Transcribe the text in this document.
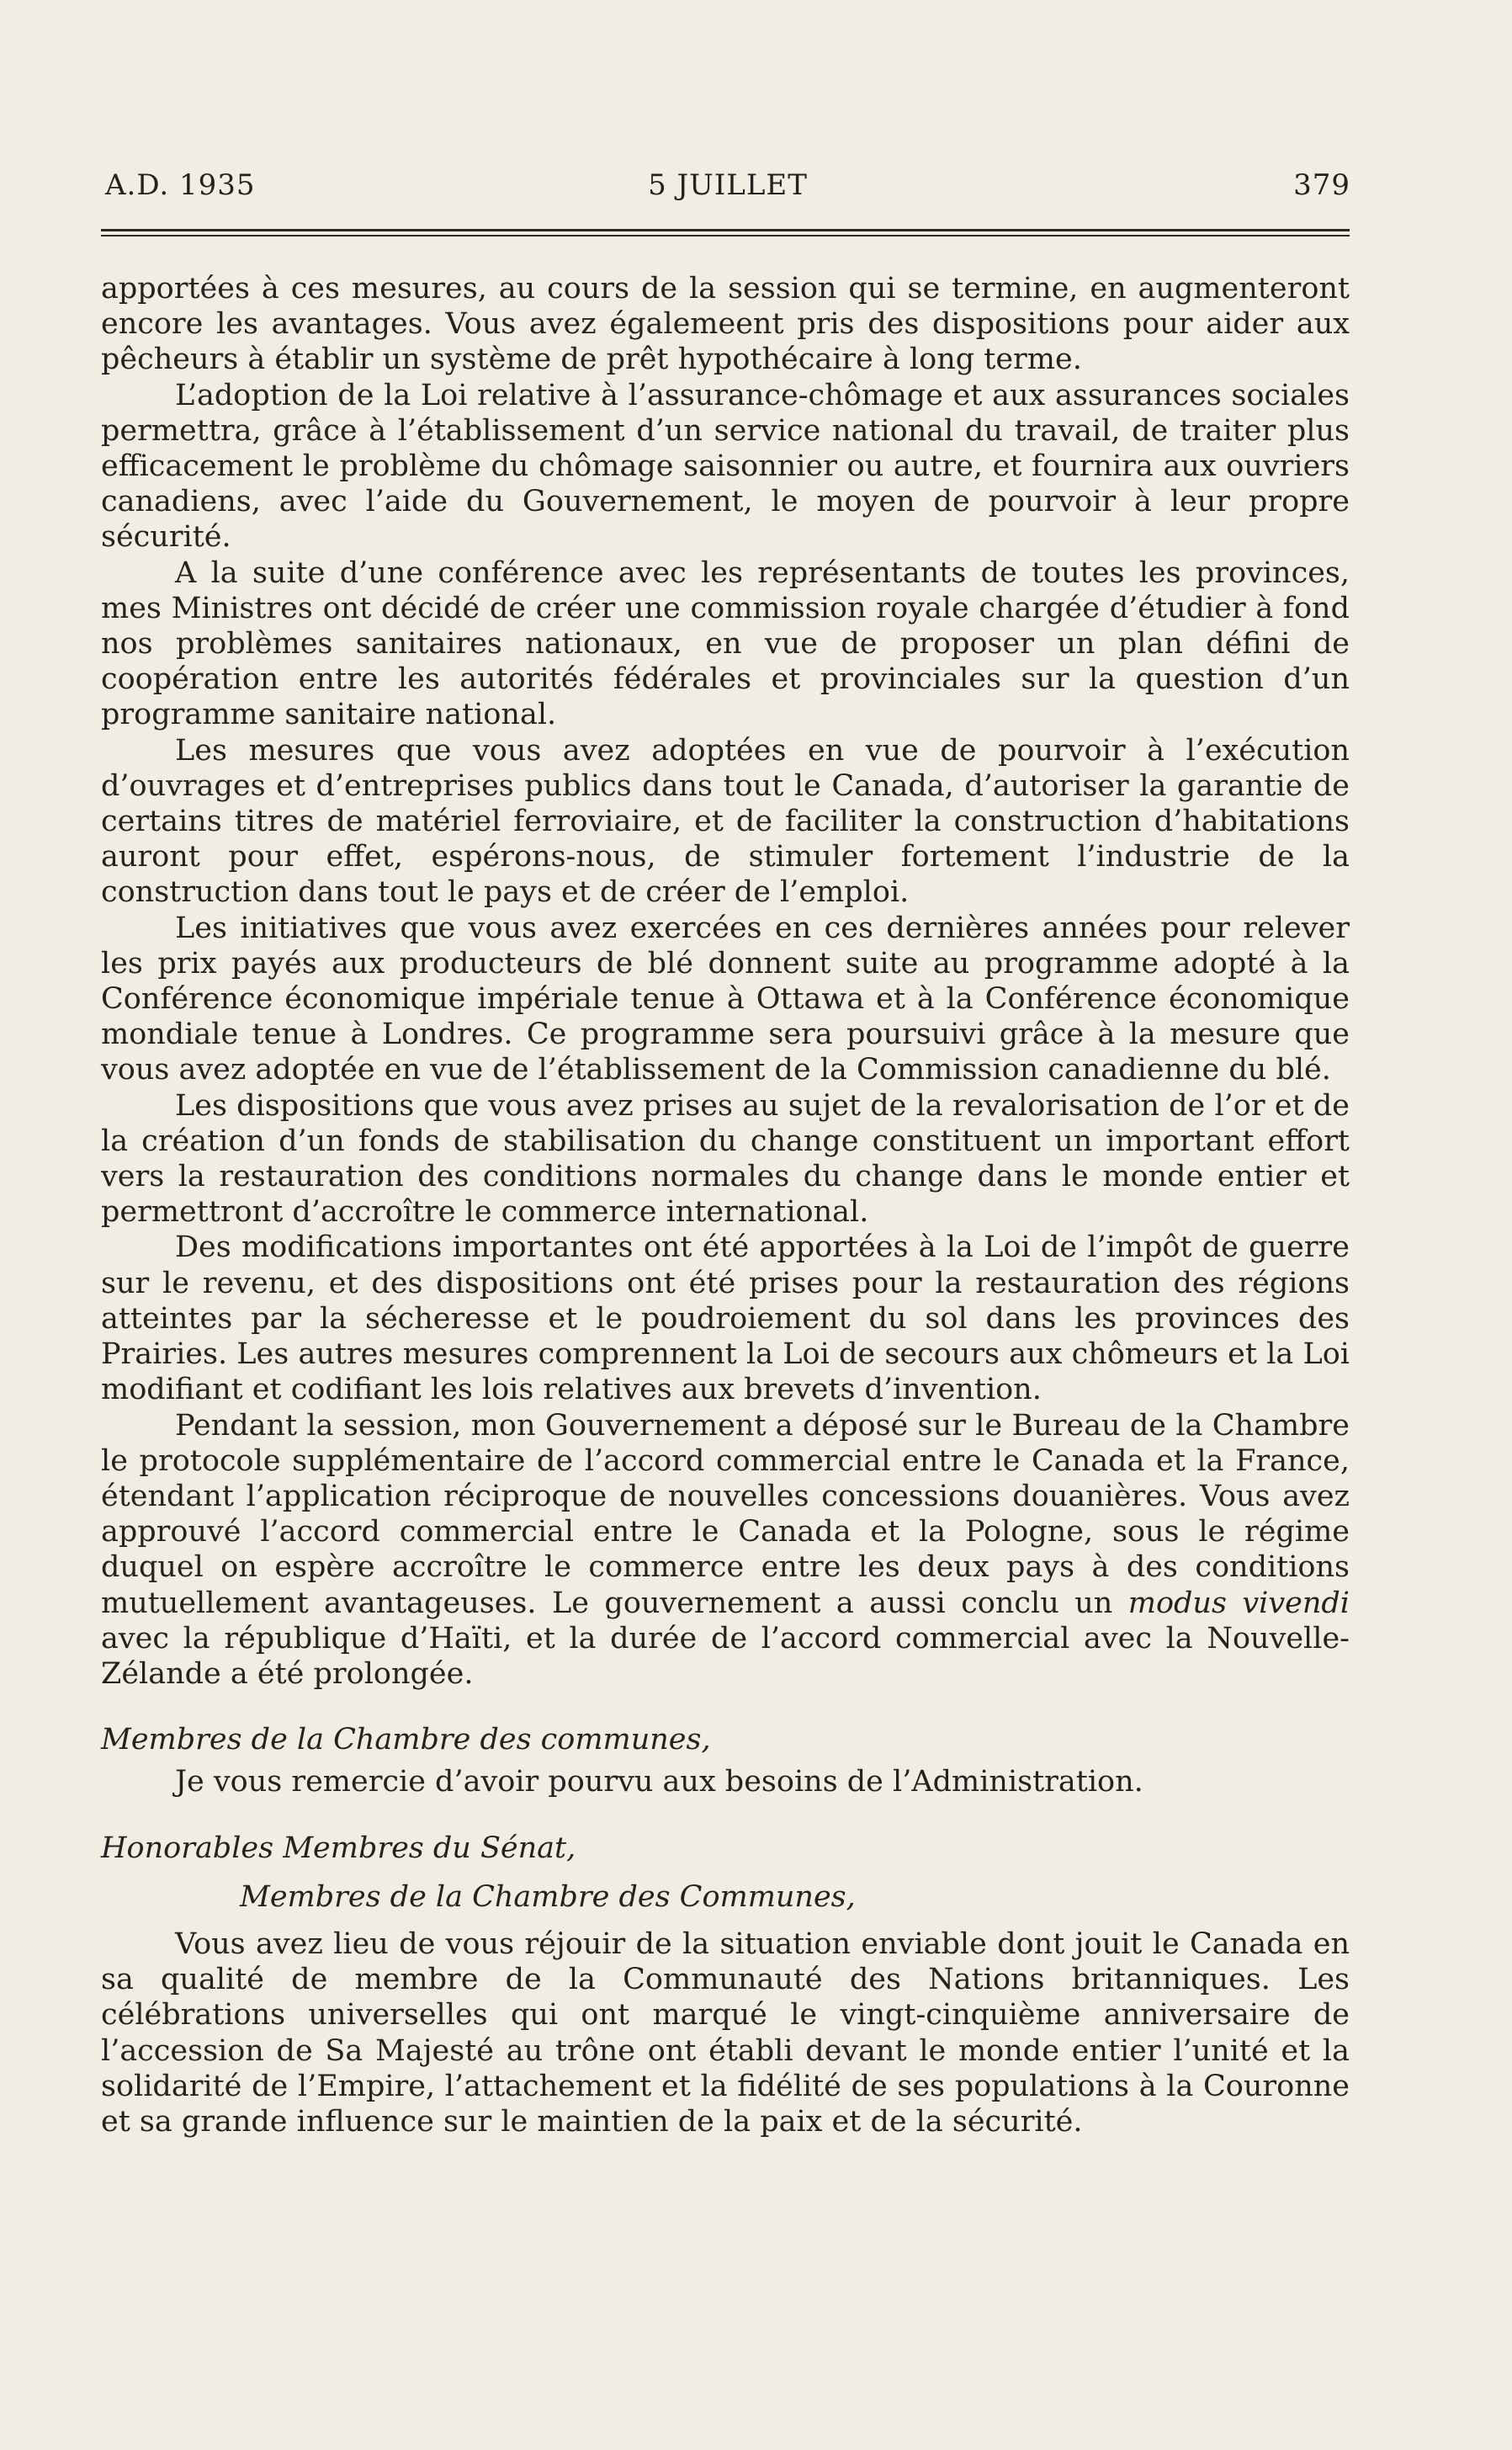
A.D. 1935	5 JUILLET	379

apportées à ces mesures, au cours de la session qui se termine, en augmenteront encore les avantages. Vous avez égalemeent pris des dispositions pour aider aux pêcheurs à établir un système de prêt hypothécaire à long terme.

L’adoption de la Loi relative à l’assurance-chômage et aux assurances sociales permettra, grâce à l’établissement d’un service national du travail, de traiter plus efficacement le problème du chômage saisonnier ou autre, et fournira aux ouvriers canadiens, avec l’aide du Gouvernement, le moyen de pourvoir à leur propre sécurité.

A la suite d’une conférence avec les représentants de toutes les provinces, mes Ministres ont décidé de créer une commission royale chargée d’étudier à fond nos problèmes sanitaires nationaux, en vue de proposer un plan défini de coopération entre les autorités fédérales et provinciales sur la question d’un programme sanitaire national.

Les mesures que vous avez adoptées en vue de pourvoir à l’exécution d’ouvrages et d’entreprises publics dans tout le Canada, d’autoriser la garantie de certains titres de matériel ferroviaire, et de faciliter la construction d’habitations auront pour effet, espérons-nous, de stimuler fortement l’industrie de la construction dans tout le pays et de créer de l’emploi.

Les initiatives que vous avez exercées en ces dernières années pour relever les prix payés aux producteurs de blé donnent suite au programme adopté à la Conférence économique impériale tenue à Ottawa et à la Conférence économique mondiale tenue à Londres. Ce programme sera poursuivi grâce à la mesure que vous avez adoptée en vue de l’établissement de la Commission canadienne du blé.

Les dispositions que vous avez prises au sujet de la revalorisation de l’or et de la création d’un fonds de stabilisation du change constituent un important effort vers la restauration des conditions normales du change dans le monde entier et permettront d’accroître le commerce international.

Des modifications importantes ont été apportées à la Loi de l’impôt de guerre sur le revenu, et des dispositions ont été prises pour la restauration des régions atteintes par la sécheresse et le poudroiement du sol dans les provinces des Prairies. Les autres mesures comprennent la Loi de secours aux chômeurs et la Loi modifiant et codifiant les lois relatives aux brevets d’invention.

Pendant la session, mon Gouvernement a déposé sur le Bureau de la Chambre le protocole supplémentaire de l’accord commercial entre le Canada et la France, étendant l’application réciproque de nouvelles concessions douanières. Vous avez approuvé l’accord commercial entre le Canada et la Pologne, sous le régime duquel on espère accroître le commerce entre les deux pays à des conditions mutuellement avantageuses. Le gouvernement a aussi conclu un modus vivendi avec la république d’Haïti, et la durée de l’accord commercial avec la Nouvelle-Zélande a été prolongée.

Membres de la Chambre des communes,

Je vous remercie d’avoir pourvu aux besoins de l’Administration.

Honorables Membres du Sénat,

Membres de la Chambre des Communes,

Vous avez lieu de vous réjouir de la situation enviable dont jouit le Canada en sa qualité de membre de la Communauté des Nations britanniques. Les célébrations universelles qui ont marqué le vingt-cinquième anniversaire de l’accession de Sa Majesté au trône ont établi devant le monde entier l’unité et la solidarité de l’Empire, l’attachement et la fidélité de ses populations à la Couronne et sa grande influence sur le maintien de la paix et de la sécurité.
